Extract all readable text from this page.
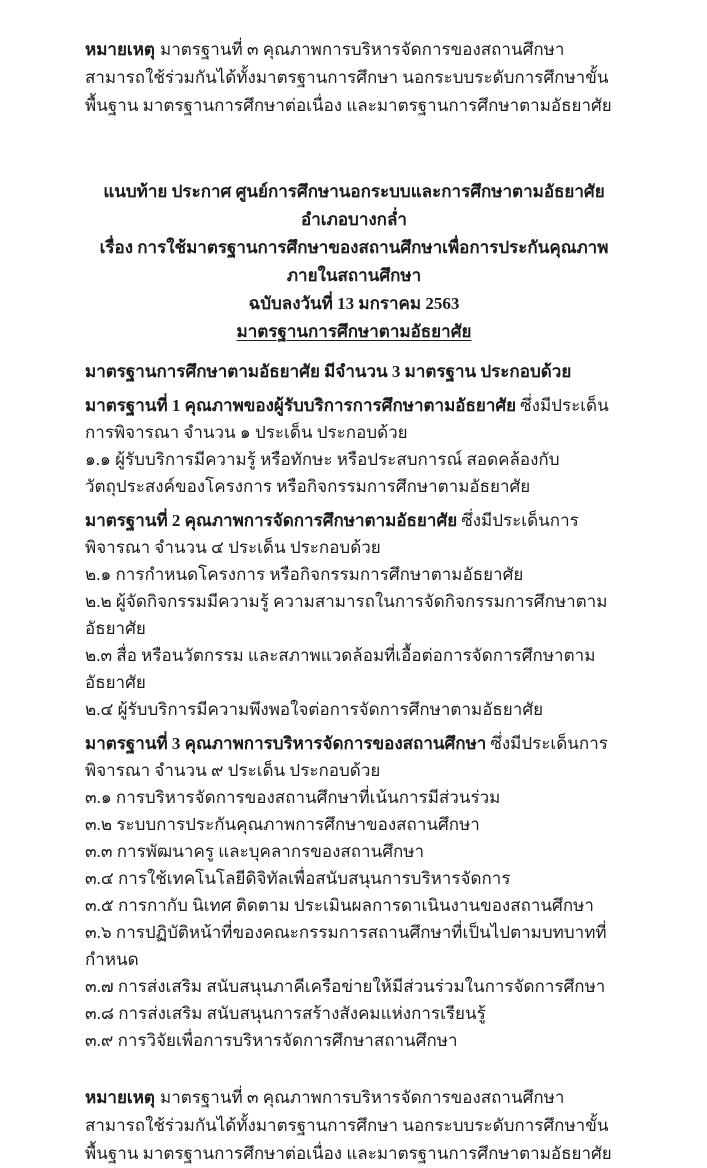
หมายเหตุ มาตรฐานที่ ๓ คุณภาพการบริหารจัดการของสถานศึกษา สามารถใช้ร่วมกันได้ทั้งมาตรฐานการศึกษา นอกระบบระดับการศึกษาขั้นพื้นฐาน มาตรฐานการศึกษาต่อเนื่อง และมาตรฐานการศึกษาตามอัธยาศัย

แนบท้าย ประกาศ ศูนย์การศึกษานอกระบบและการศึกษาตามอัธยาศัยอำเภอบางกล่ำ
เรื่อง การใช้มาตรฐานการศึกษาของสถานศึกษาเพื่อการประกันคุณภาพภายในสถานศึกษา
ฉบับลงวันที่ 13 มกราคม 2563
มาตรฐานการศึกษาตามอัธยาศัย

มาตรฐานการศึกษาตามอัธยาศัย มีจำนวน 3 มาตรฐาน ประกอบด้วย

มาตรฐานที่ 1 คุณภาพของผู้รับบริการการศึกษาตามอัธยาศัย ซึ่งมีประเด็นการพิจารณา จำนวน ๑ ประเด็น ประกอบด้วย

๑.๑ ผู้รับบริการมีความรู้ หรือทักษะ หรือประสบการณ์ สอดคล้องกับวัตถุประสงค์ของโครงการ หรือกิจกรรมการศึกษาตามอัธยาศัย

มาตรฐานที่ 2 คุณภาพการจัดการศึกษาตามอัธยาศัย ซึ่งมีประเด็นการพิจารณา จำนวน ๔ ประเด็น ประกอบด้วย

๒.๑ การกำหนดโครงการ หรือกิจกรรมการศึกษาตามอัธยาศัย

๒.๒ ผู้จัดกิจกรรมมีความรู้ ความสามารถในการจัดกิจกรรมการศึกษาตามอัธยาศัย

๒.๓ สื่อ หรือนวัตกรรม และสภาพแวดล้อมที่เอื้อต่อการจัดการศึกษาตามอัธยาศัย

๒.๔ ผู้รับบริการมีความพึงพอใจต่อการจัดการศึกษาตามอัธยาศัย

มาตรฐานที่ 3 คุณภาพการบริหารจัดการของสถานศึกษา ซึ่งมีประเด็นการพิจารณา จำนวน ๙ ประเด็น ประกอบด้วย

๓.๑ การบริหารจัดการของสถานศึกษาที่เน้นการมีส่วนร่วม

๓.๒ ระบบการประกันคุณภาพการศึกษาของสถานศึกษา

๓.๓ การพัฒนาครู และบุคลากรของสถานศึกษา

๓.๔ การใช้เทคโนโลยีดิจิทัลเพื่อสนับสนุนการบริหารจัดการ

๓.๕ การกากับ นิเทศ ติดตาม ประเมินผลการดาเนินงานของสถานศึกษา

๓.๖ การปฏิบัติหน้าที่ของคณะกรรมการสถานศึกษาที่เป็นไปตามบทบาทที่กำหนด

๓.๗ การส่งเสริม สนับสนุนภาคีเครือข่ายให้มีส่วนร่วมในการจัดการศึกษา

๓.๘ การส่งเสริม สนับสนุนการสร้างสังคมแห่งการเรียนรู้

๓.๙ การวิจัยเพื่อการบริหารจัดการศึกษาสถานศึกษา

หมายเหตุ มาตรฐานที่ ๓ คุณภาพการบริหารจัดการของสถานศึกษา สามารถใช้ร่วมกันได้ทั้งมาตรฐานการศึกษา นอกระบบระดับการศึกษาขั้นพื้นฐาน มาตรฐานการศึกษาต่อเนื่อง และมาตรฐานการศึกษาตามอัธยาศัย
